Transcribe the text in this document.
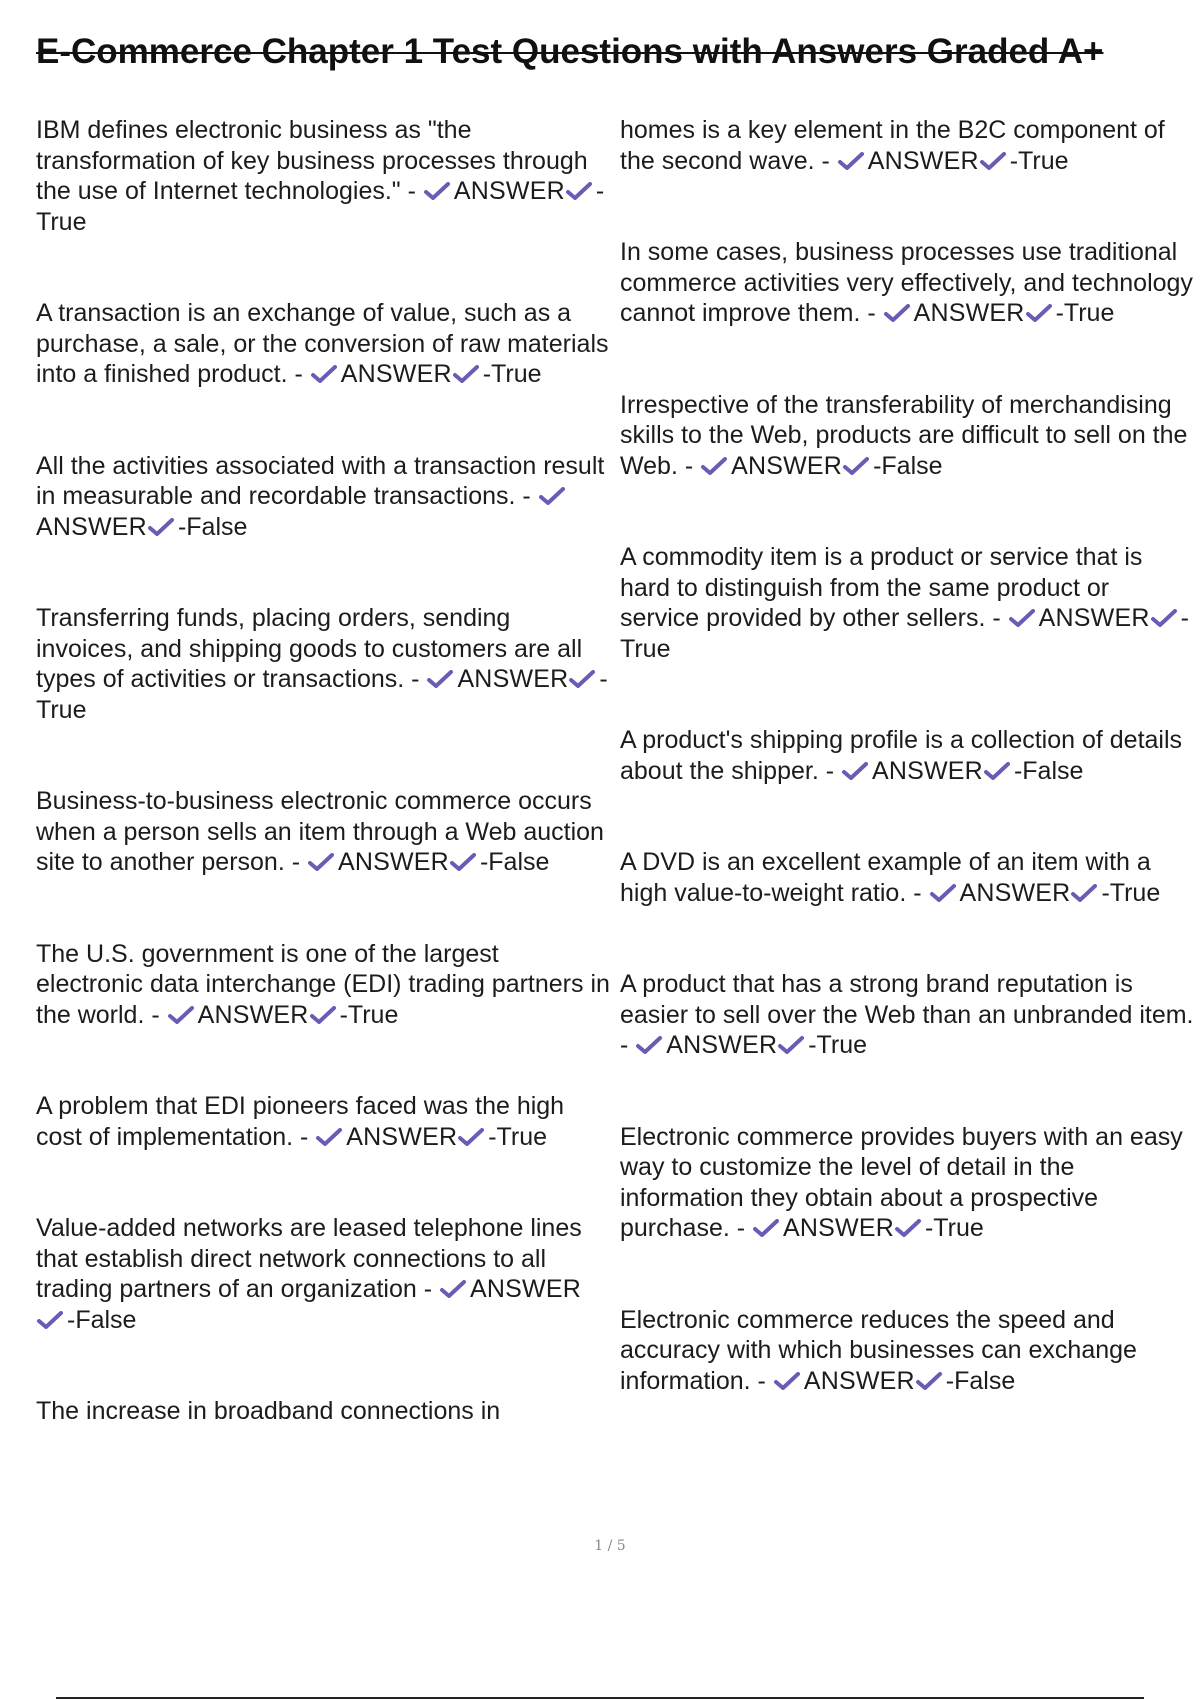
E-Commerce Chapter 1 Test Questions with Answers Graded A+
IBM defines electronic business as "the transformation of key business processes through the use of Internet technologies." - ANSWER -True
A transaction is an exchange of value, such as a purchase, a sale, or the conversion of raw materials into a finished product. - ANSWER -True
All the activities associated with a transaction result in measurable and recordable transactions. -
ANSWER -False
Transferring funds, placing orders, sending invoices, and shipping goods to customers are all types of activities or transactions. - ANSWER -True
Business-to-business electronic commerce occurs when a person sells an item through a Web auction site to another person. - ANSWER -False
The U.S. government is one of the largest electronic data interchange (EDI) trading partners in the world. - ANSWER -True
A problem that EDI pioneers faced was the high cost of implementation. - ANSWER -True
Value-added networks are leased telephone lines that establish direct network connections to all trading partners of an organization - ANSWER
-False
The increase in broadband connections in
homes is a key element in the B2C component of the second wave. - ANSWER -True
In some cases, business processes use traditional commerce activities very effectively, and technology cannot improve them. - ANSWER -True
Irrespective of the transferability of merchandising skills to the Web, products are difficult to sell on the Web. - ANSWER -False
A commodity item is a product or service that is hard to distinguish from the same product or service provided by other sellers. - ANSWER -True
A product's shipping profile is a collection of details about the shipper. - ANSWER -False
A DVD is an excellent example of an item with a high value-to-weight ratio. - ANSWER -True
A product that has a strong brand reputation is easier to sell over the Web than an unbranded item. - ANSWER -True
Electronic commerce provides buyers with an easy way to customize the level of detail in the information they obtain about a prospective purchase. - ANSWER -True
Electronic commerce reduces the speed and accuracy with which businesses can exchange information. - ANSWER -False
1 / 5
